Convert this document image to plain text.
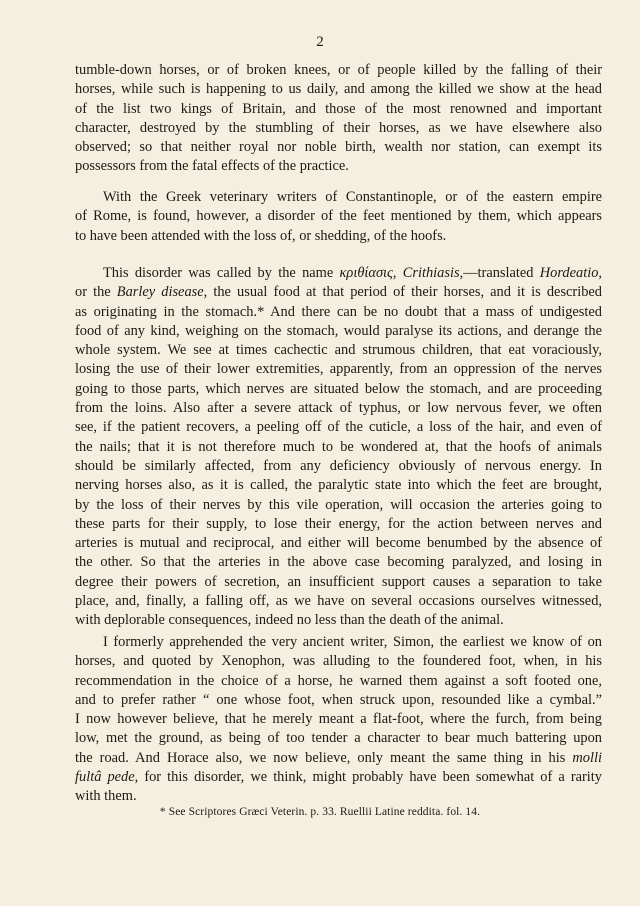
2
tumble-down horses, or of broken knees, or of people killed by the falling of their
horses, while such is happening to us daily, and among the killed we show at the head
of the list two kings of Britain, and those of the most renowned and important
character, destroyed by the stumbling of their horses, as we have elsewhere also
observed; so that neither royal nor noble birth, wealth nor station, can exempt its
possessors from the fatal effects of the practice.
With the Greek veterinary writers of Constantinople, or of the eastern empire
of Rome, is found, however, a disorder of the feet mentioned by them, which appears
to have been attended with the loss of, or shedding, of the hoofs.
This disorder was called by the name κριθίασις, Crithiasis,—translated Hordeatio,
or the Barley disease, the usual food at that period of their horses, and it is described
as originating in the stomach.* And there can be no doubt that a mass of undigested
food of any kind, weighing on the stomach, would paralyse its actions, and derange the
whole system. We see at times cachectic and strumous children, that eat voraciously,
losing the use of their lower extremities, apparently, from an oppression of the nerves
going to those parts, which nerves are situated below the stomach, and are proceeding
from the loins. Also after a severe attack of typhus, or low nervous fever, we often
see, if the patient recovers, a peeling off of the cuticle, a loss of the hair, and even of
the nails; that it is not therefore much to be wondered at, that the hoofs of animals
should be similarly affected, from any deficiency obviously of nervous energy. In
nerving horses also, as it is called, the paralytic state into which the feet are brought,
by the loss of their nerves by this vile operation, will occasion the arteries going to
these parts for their supply, to lose their energy, for the action between nerves and
arteries is mutual and reciprocal, and either will become benumbed by the absence of
the other. So that the arteries in the above case becoming paralyzed, and losing in
degree their powers of secretion, an insufficient support causes a separation to take
place, and, finally, a falling off, as we have on several occasions ourselves witnessed,
with deplorable consequences, indeed no less than the death of the animal.
I formerly apprehended the very ancient writer, Simon, the earliest we know of on
horses, and quoted by Xenophon, was alluding to the foundered foot, when, in his
recommendation in the choice of a horse, he warned them against a soft footed one,
and to prefer rather “ one whose foot, when struck upon, resounded like a cymbal.”
I now however believe, that he merely meant a flat-foot, where the furch, from being
low, met the ground, as being of too tender a character to bear much battering upon
the road. And Horace also, we now believe, only meant the same thing in his molli
fultâ pede, for this disorder, we think, might probably have been somewhat of a rarity
with them.
* See Scriptores Græci Veterin. p. 33. Ruellii Latine reddita. fol. 14.
